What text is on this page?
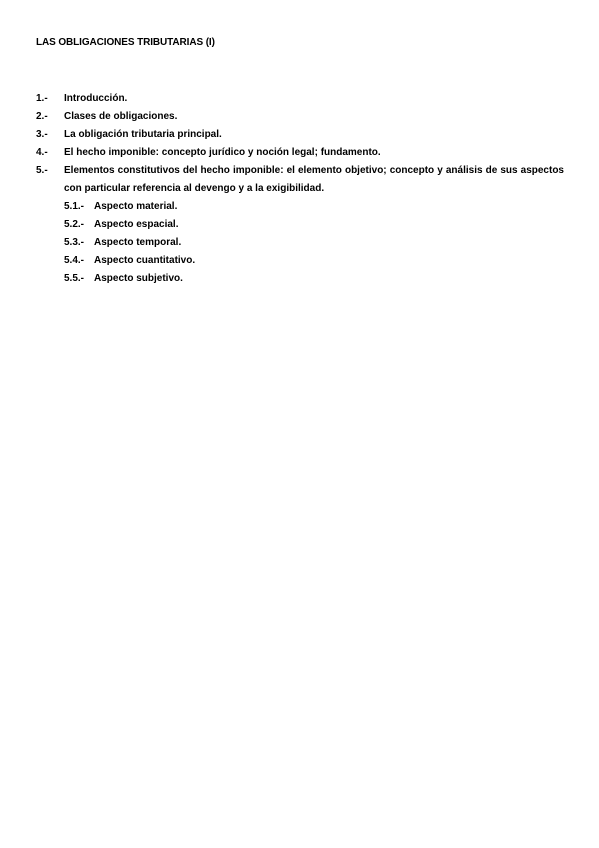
LAS OBLIGACIONES TRIBUTARIAS (I)
1.- Introducción.
2.- Clases de obligaciones.
3.- La obligación tributaria principal.
4.- El hecho imponible: concepto jurídico y noción legal; fundamento.
5.- Elementos constitutivos del hecho imponible: el elemento objetivo; concepto y análisis de sus aspectos con particular referencia al devengo y a la exigibilidad.
5.1.- Aspecto material.
5.2.- Aspecto espacial.
5.3.- Aspecto temporal.
5.4.- Aspecto cuantitativo.
5.5.- Aspecto subjetivo.
